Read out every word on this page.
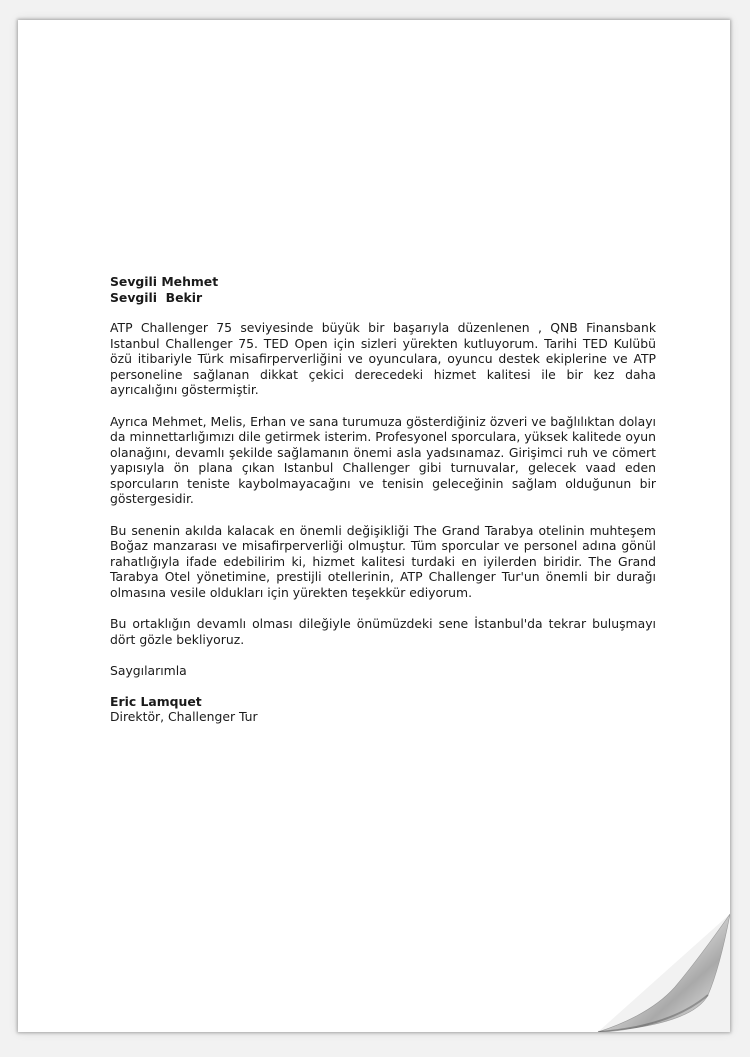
Sevgili Mehmet

Sevgili  Bekir

ATP Challenger 75 seviyesinde büyük bir başarıyla düzenlenen , QNB Finansbank Istanbul Challenger 75. TED Open için sizleri yürekten kutluyorum. Tarihi TED Kulübü özü itibariyle Türk misafirperverliğini ve oyunculara, oyuncu destek ekiplerine ve ATP personeline sağlanan dikkat çekici derecedeki hizmet kalitesi ile bir kez daha ayrıcalığını göstermiştir.

Ayrıca Mehmet, Melis, Erhan ve sana turumuza gösterdiğiniz özveri ve bağlılıktan dolayı da minnettarlığımızı dile getirmek isterim. Profesyonel sporculara, yüksek kalitede oyun olanağını, devamlı şekilde sağlamanın önemi asla yadsınamaz. Girişimci ruh ve cömert yapısıyla ön plana çıkan Istanbul Challenger gibi turnuvalar, gelecek vaad eden sporcuların teniste kaybolmayacağını ve tenisin geleceğinin sağlam olduğunun bir göstergesidir.

Bu senenin akılda kalacak en önemli değişikliği The Grand Tarabya otelinin muhteşem Boğaz manzarası ve misafirperverliği olmuştur. Tüm sporcular ve personel adına gönül rahatlığıyla ifade edebilirim ki, hizmet kalitesi turdaki en iyilerden biridir. The Grand Tarabya Otel yönetimine, prestijli otellerinin, ATP Challenger Tur'un önemli bir durağı olmasına vesile oldukları için yürekten teşekkür ediyorum.

Bu ortaklığın devamlı olması dileğiyle önümüzdeki sene İstanbul'da tekrar buluşmayı dört gözle bekliyoruz.

Saygılarımla

Eric Lamquet

Direktör, Challenger Tur
